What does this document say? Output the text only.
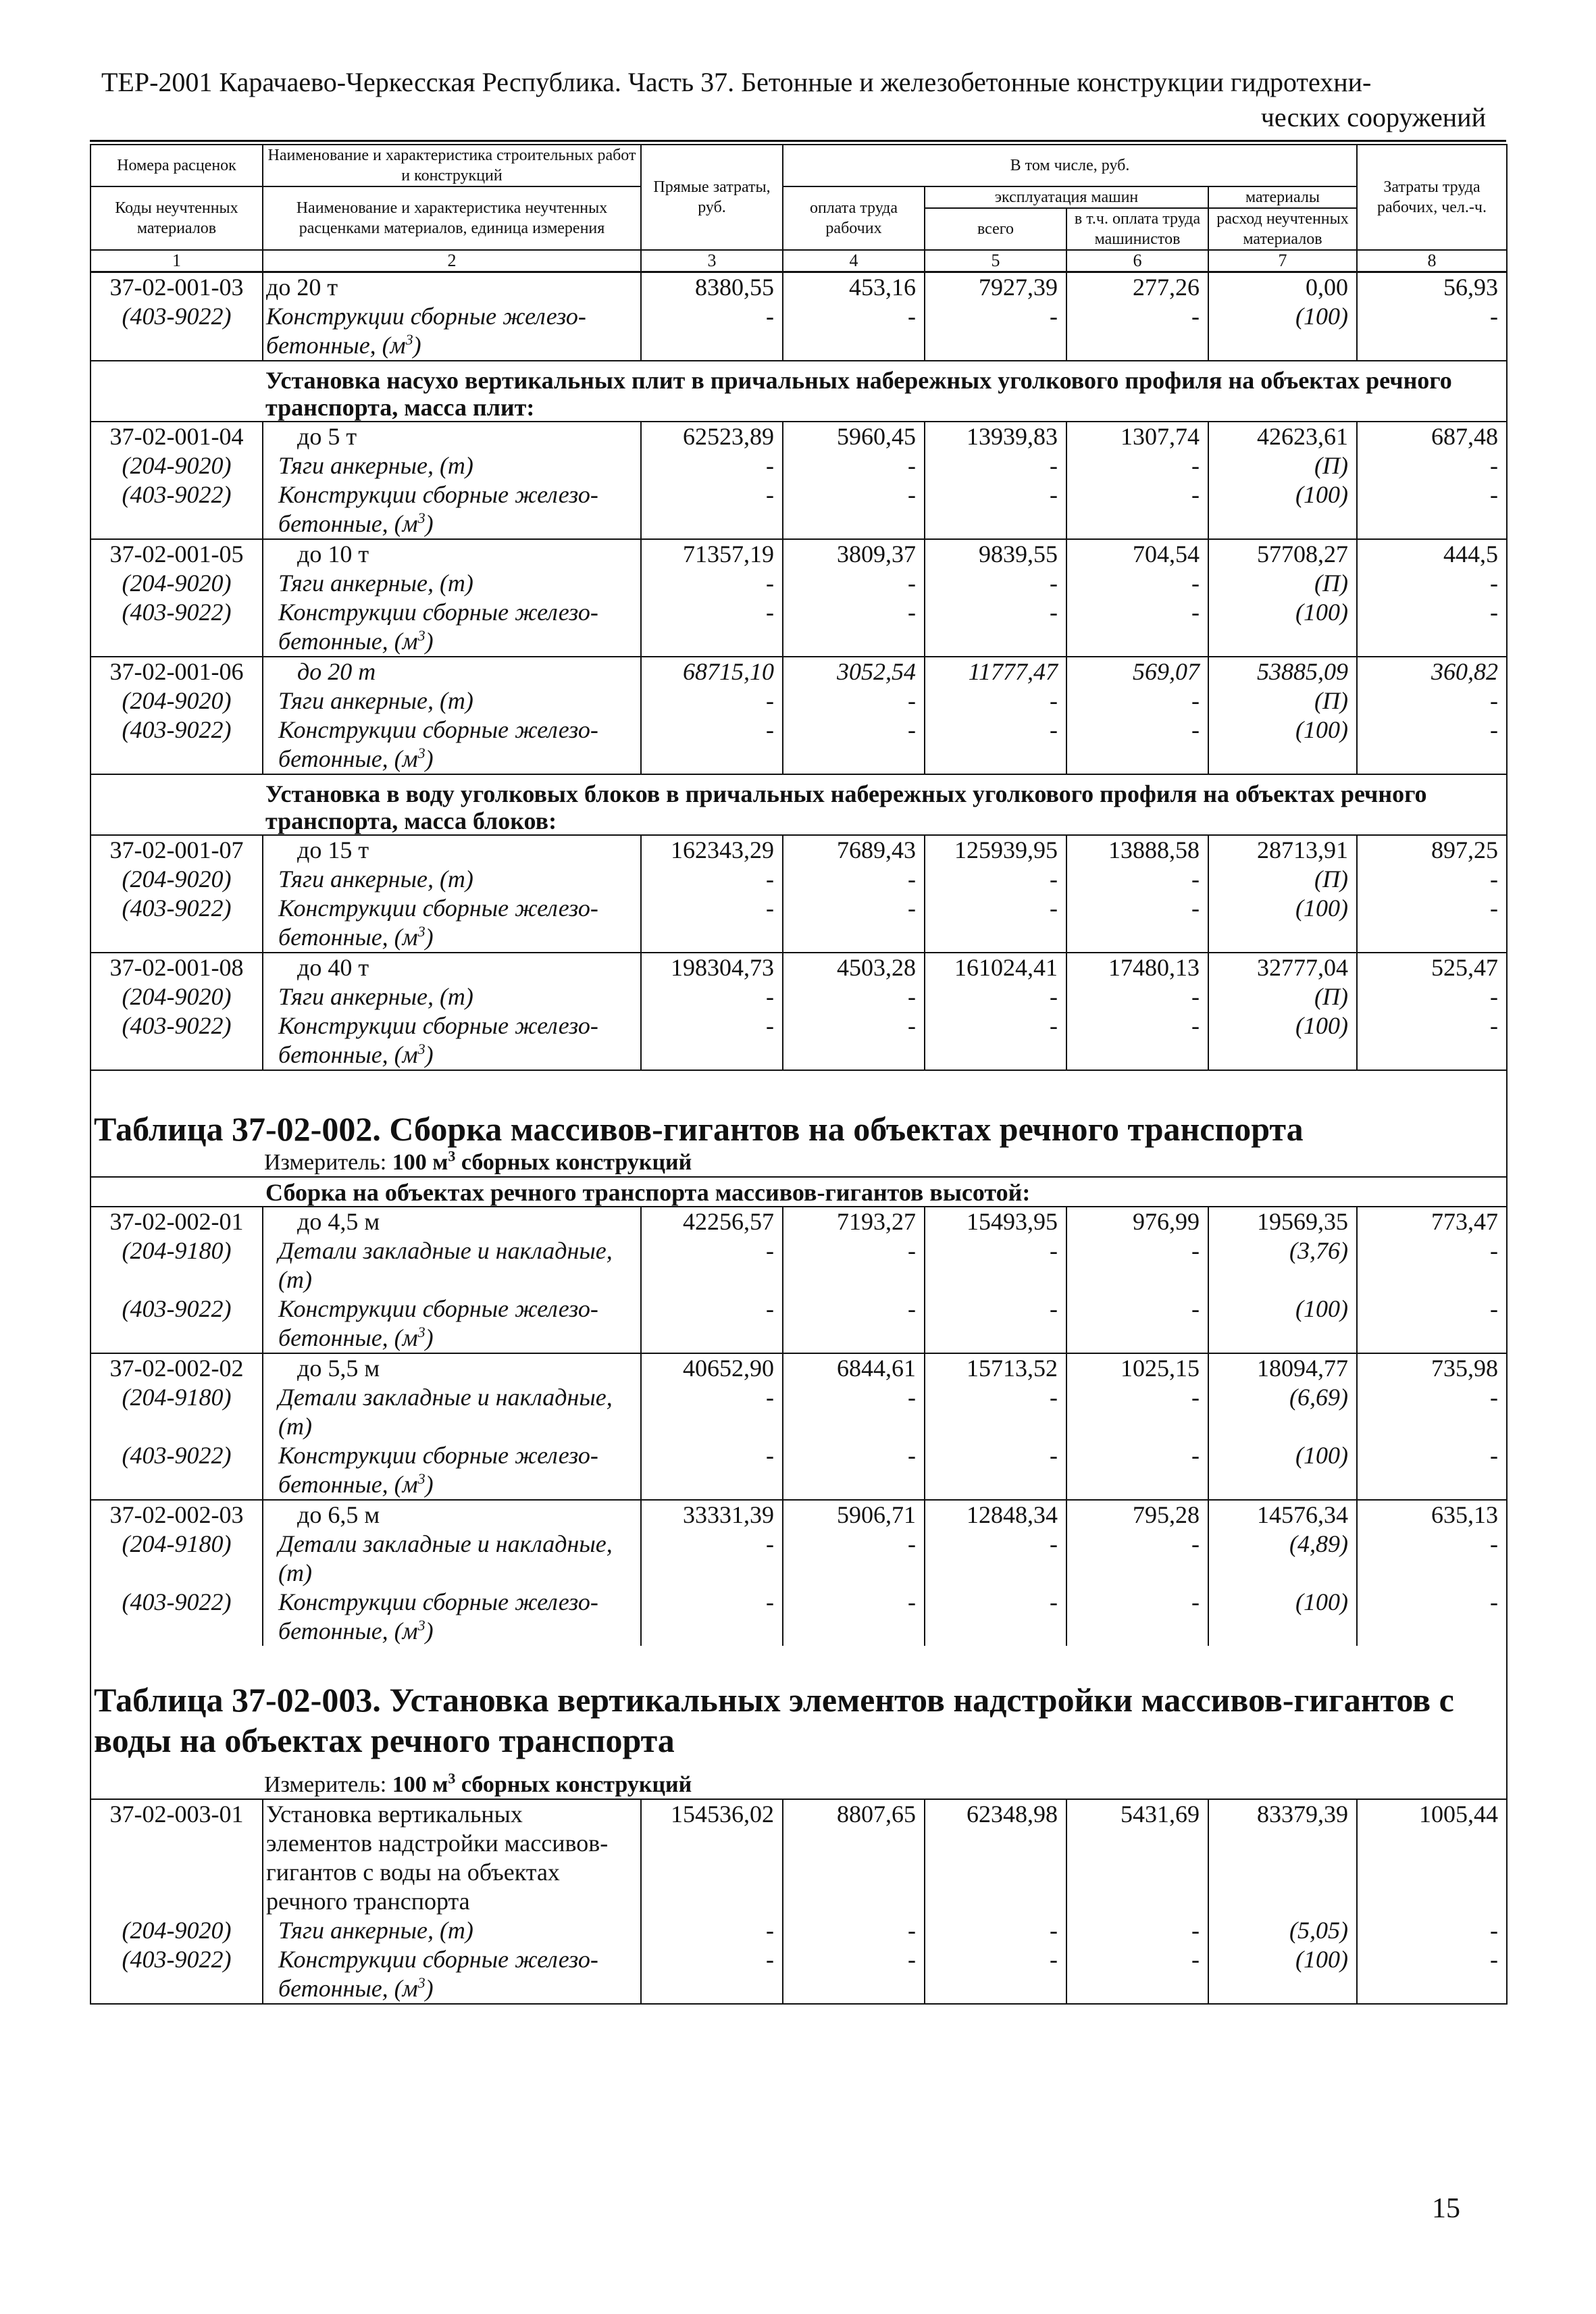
ТЕР-2001 Карачаево-Черкесская Республика. Часть 37. Бетонные и железобетонные конструкции гидротехни-
ческих сооружений
Номера расценок	Наименование и характеристика строительных работ и конструкций	Прямые затраты, руб.	В том числе, руб.				Затраты труда рабочих, чел.-ч.
Коды неучтенных материалов	Наименование и характеристика неучтенных расценками материалов, единица измерения		оплата труда рабочих	эксплуатация машин		материалы	
				всего	в т.ч. оплата труда машинистов	расход неучтенных материалов	
1	2	3	4	5	6	7	8
37-02-001-03	до 20 т	8380,55	453,16	7927,39	277,26	0,00	56,93
(403-9022)	Конструкции сборные железо-бетонные, $(м^3)$	-	-	-	-	(100)	-
	Установка насухо вертикальных плит в причальных набережных уголкового профиля на объектах речного транспорта, масса плит:						
37-02-001-04	до 5 т	62523,89	5960,45	13939,83	1307,74	42623,61	687,48
(204-9020)	Тяги анкерные, (т)	-	-	-	-	(П)	-
(403-9022)	Конструкции сборные железо-бетонные, $(м^3)$	-	-	-	-	(100)	-
37-02-001-05	до 10 т	71357,19	3809,37	9839,55	704,54	57708,27	444,5
(204-9020)	Тяги анкерные, (т)	-	-	-	-	(П)	-
(403-9022)	Конструкции сборные железо-бетонные, $(м^3)$	-	-	-	-	(100)	-
37-02-001-06	до 20 т	68715,10	3052,54	11777,47	569,07	53885,09	360,82
(204-9020)	Тяги анкерные, (т)	-	-	-	-	(П)	-
(403-9022)	Конструкции сборные железо-бетонные, $(м^3)$	-	-	-	-	(100)	-
	Установка в воду уголковых блоков в причальных набережных уголкового профиля на объектах речного транспорта, масса блоков:						
37-02-001-07	до 15 т	162343,29	7689,43	125939,95	13888,58	28713,91	897,25
(204-9020)	Тяги анкерные, (т)	-	-	-	-	(П)	-
(403-9022)	Конструкции сборные железо-бетонные, $(м^3)$	-	-	-	-	(100)	-
37-02-001-08	до 40 т	198304,73	4503,28	161024,41	17480,13	32777,04	525,47
(204-9020)	Тяги анкерные, (т)	-	-	-	-	(П)	-
(403-9022)	Конструкции сборные железо-бетонные, $(м^3)$	-	-	-	-	(100)	-
Таблица 37-02-002. Сборка массивов-гигантов на объектах речного транспорта							
Измеритель: 100 $м^3$ сборных конструкций							
	Сборка на объектах речного транспорта массивов-гигантов высотой:						
37-02-002-01	до 4,5 м	42256,57	7193,27	15493,95	976,99	19569,35	773,47
(204-9180)	Детали закладные и накладные, (т)	-	-	-	-	(3,76)	-
(403-9022)	Конструкции сборные железо-бетонные, $(м^3)$	-	-	-	-	(100)	-
37-02-002-02	до 5,5 м	40652,90	6844,61	15713,52	1025,15	18094,77	735,98
(204-9180)	Детали закладные и накладные, (т)	-	-	-	-	(6,69)	-
(403-9022)	Конструкции сборные железо-бетонные, $(м^3)$	-	-	-	-	(100)	-
37-02-002-03	до 6,5 м	33331,39	5906,71	12848,34	795,28	14576,34	635,13
(204-9180)	Детали закладные и накладные, (т)	-	-	-	-	(4,89)	-
(403-9022)	Конструкции сборные железо-бетонные, $(м^3)$	-	-	-	-	(100)	-
Таблица 37-02-003. Установка вертикальных элементов надстройки массивов-гигантов с воды на объектах речного транспорта							
Измеритель: 100 $м^3$ сборных конструкций							
37-02-003-01	Установка вертикальных элементов надстройки массивов-гигантов с воды на объектах речного транспорта	154536,02	8807,65	62348,98	5431,69	83379,39	1005,44
(204-9020)	Тяги анкерные, (т)	-	-	-	-	(5,05)	-
(403-9022)	Конструкции сборные железо-бетонные, $(м^3)$	-	-	-	-	(100)	-
15
